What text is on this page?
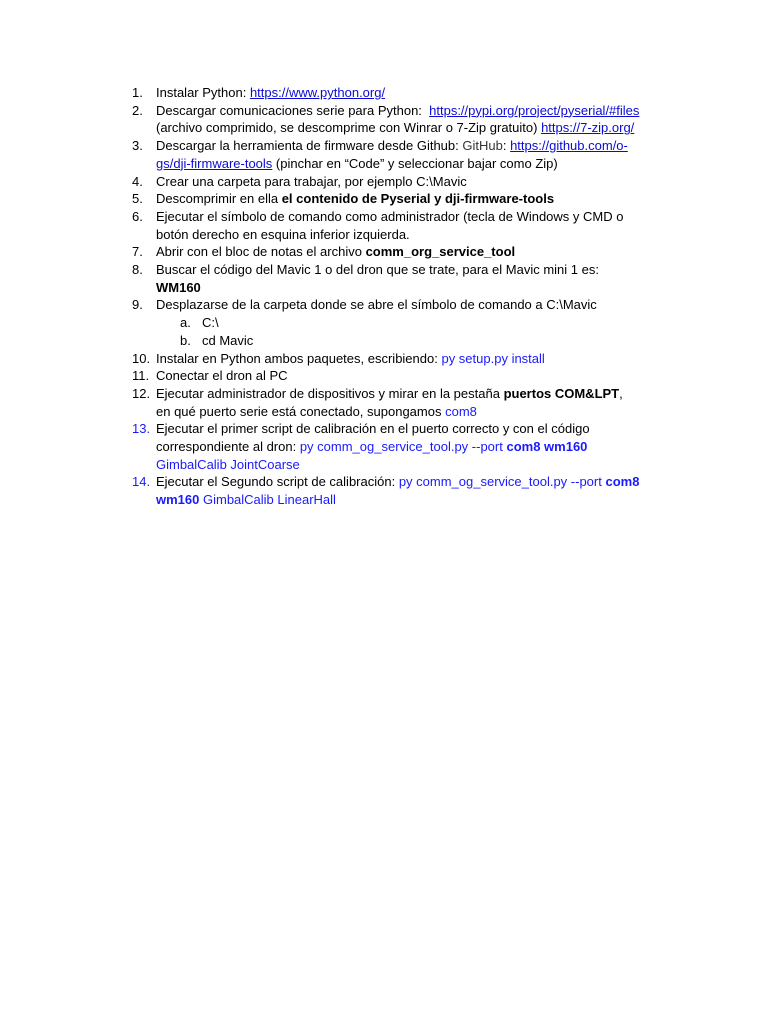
1.	Instalar Python: https://www.python.org/
2.	Descargar comunicaciones serie para Python:  https://pypi.org/project/pyserial/#files
(archivo comprimido, se descomprime con Winrar o 7-Zip gratuito) https://7-zip.org/
3.	Descargar la herramienta de firmware desde Github: GitHub: https://github.com/o-
gs/dji-firmware-tools (pinchar en “Code” y seleccionar bajar como Zip)
4.	Crear una carpeta para trabajar, por ejemplo C:\Mavic
5.	Descomprimir en ella el contenido de Pyserial y dji-firmware-tools
6.	Ejecutar el símbolo de comando como administrador (tecla de Windows y CMD o
botón derecho en esquina inferior izquierda.
7.	Abrir con el bloc de notas el archivo comm_org_service_tool
8.	Buscar el código del Mavic 1 o del dron que se trate, para el Mavic mini 1 es:
WM160
9.	Desplazarse de la carpeta donde se abre el símbolo de comando a C:\Mavic
a. C:\
b. cd Mavic
10. Instalar en Python ambos paquetes, escribiendo: py setup.py install
11. Conectar el dron al PC
12. Ejecutar administrador de dispositivos y mirar en la pestaña puertos COM&LPT,
en qué puerto serie está conectado, supongamos com8
13. Ejecutar el primer script de calibración en el puerto correcto y con el código
correspondiente al dron: py comm_og_service_tool.py --port com8 wm160
GimbalCalib JointCoarse
14. Ejecutar el Segundo script de calibración: py comm_og_service_tool.py --port com8
wm160 GimbalCalib LinearHall
